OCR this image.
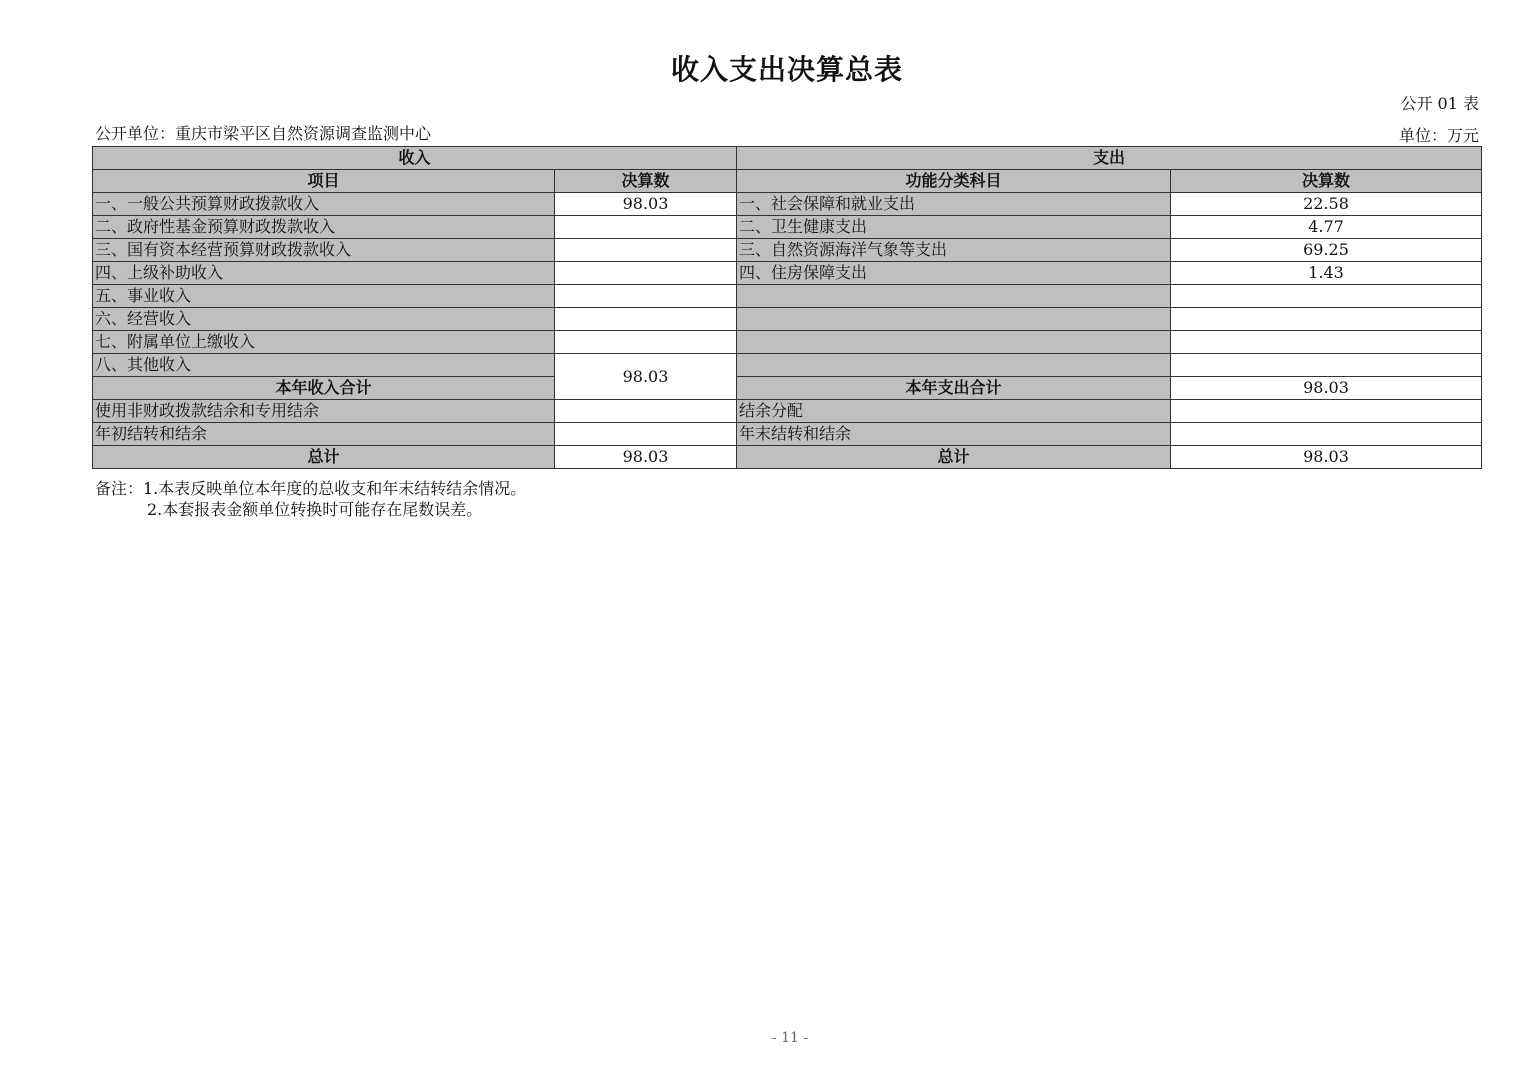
收入支出决算总表
公开 01 表
公开单位：重庆市梁平区自然资源调查监测中心	单位：万元
收入		支出	
项目	决算数	功能分类科目	决算数
一、一般公共预算财政拨款收入	98.03	一、社会保障和就业支出	22.58
二、政府性基金预算财政拨款收入		二、卫生健康支出	4.77
三、国有资本经营预算财政拨款收入		三、自然资源海洋气象等支出	69.25
四、上级补助收入		四、住房保障支出	1.43
五、事业收入			
六、经营收入			
七、附属单位上缴收入			
八、其他收入	98.03		
本年收入合计		本年支出合计	98.03
使用非财政拨款结余和专用结余		结余分配	
年初结转和结余		年末结转和结余	
总计	98.03	总计	98.03
备注：1.本表反映单位本年度的总收支和年末结转结余情况。
2.本套报表金额单位转换时可能存在尾数误差。
- 11 -
